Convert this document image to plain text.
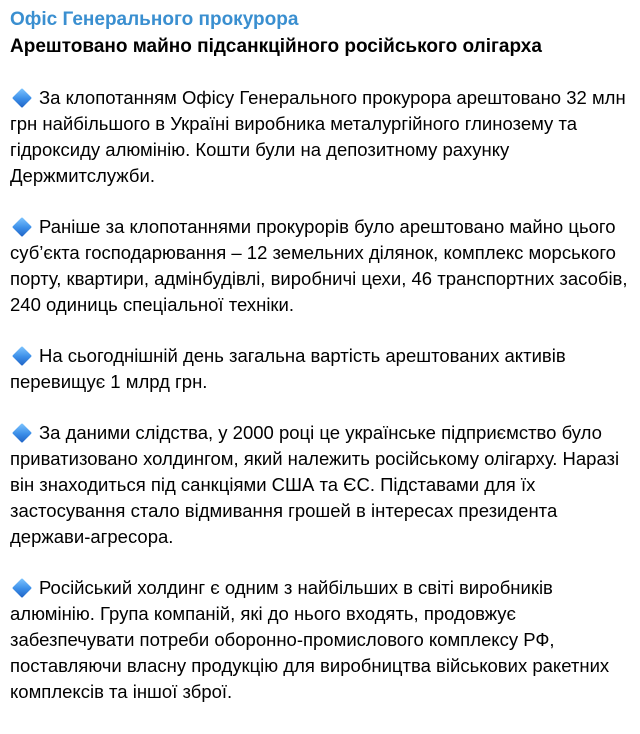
Офіс Генерального прокурора
Арештовано майно підсанкційного російського олігарха

За клопотанням Офісу Генерального прокурора арештовано 32 млн грн найбільшого в Україні виробника металургійного глинозему та гідроксиду алюмінію. Кошти були на депозитному рахунку Держмитслужби.

Раніше за клопотаннями прокурорів було арештовано майно цього суб’єкта господарювання – 12 земельних ділянок, комплекс морського порту, квартири, адмінбудівлі, виробничі цехи, 46 транспортних засобів, 240 одиниць спеціальної техніки.

На сьогоднішній день загальна вартість арештованих активів перевищує 1 млрд грн.

За даними слідства, у 2000 році це українське підприємство було приватизовано холдингом, який належить російському олігарху. Наразі він знаходиться під санкціями США та ЄС. Підставами для їх застосування стало відмивання грошей в інтересах президента держави-агресора.

Російський холдинг є одним з найбільших в світі виробників алюмінію. Група компаній, які до нього входять, продовжує забезпечувати потреби оборонно-промислового комплексу РФ, поставляючи власну продукцію для виробництва військових ракетних комплексів та іншої зброї.
